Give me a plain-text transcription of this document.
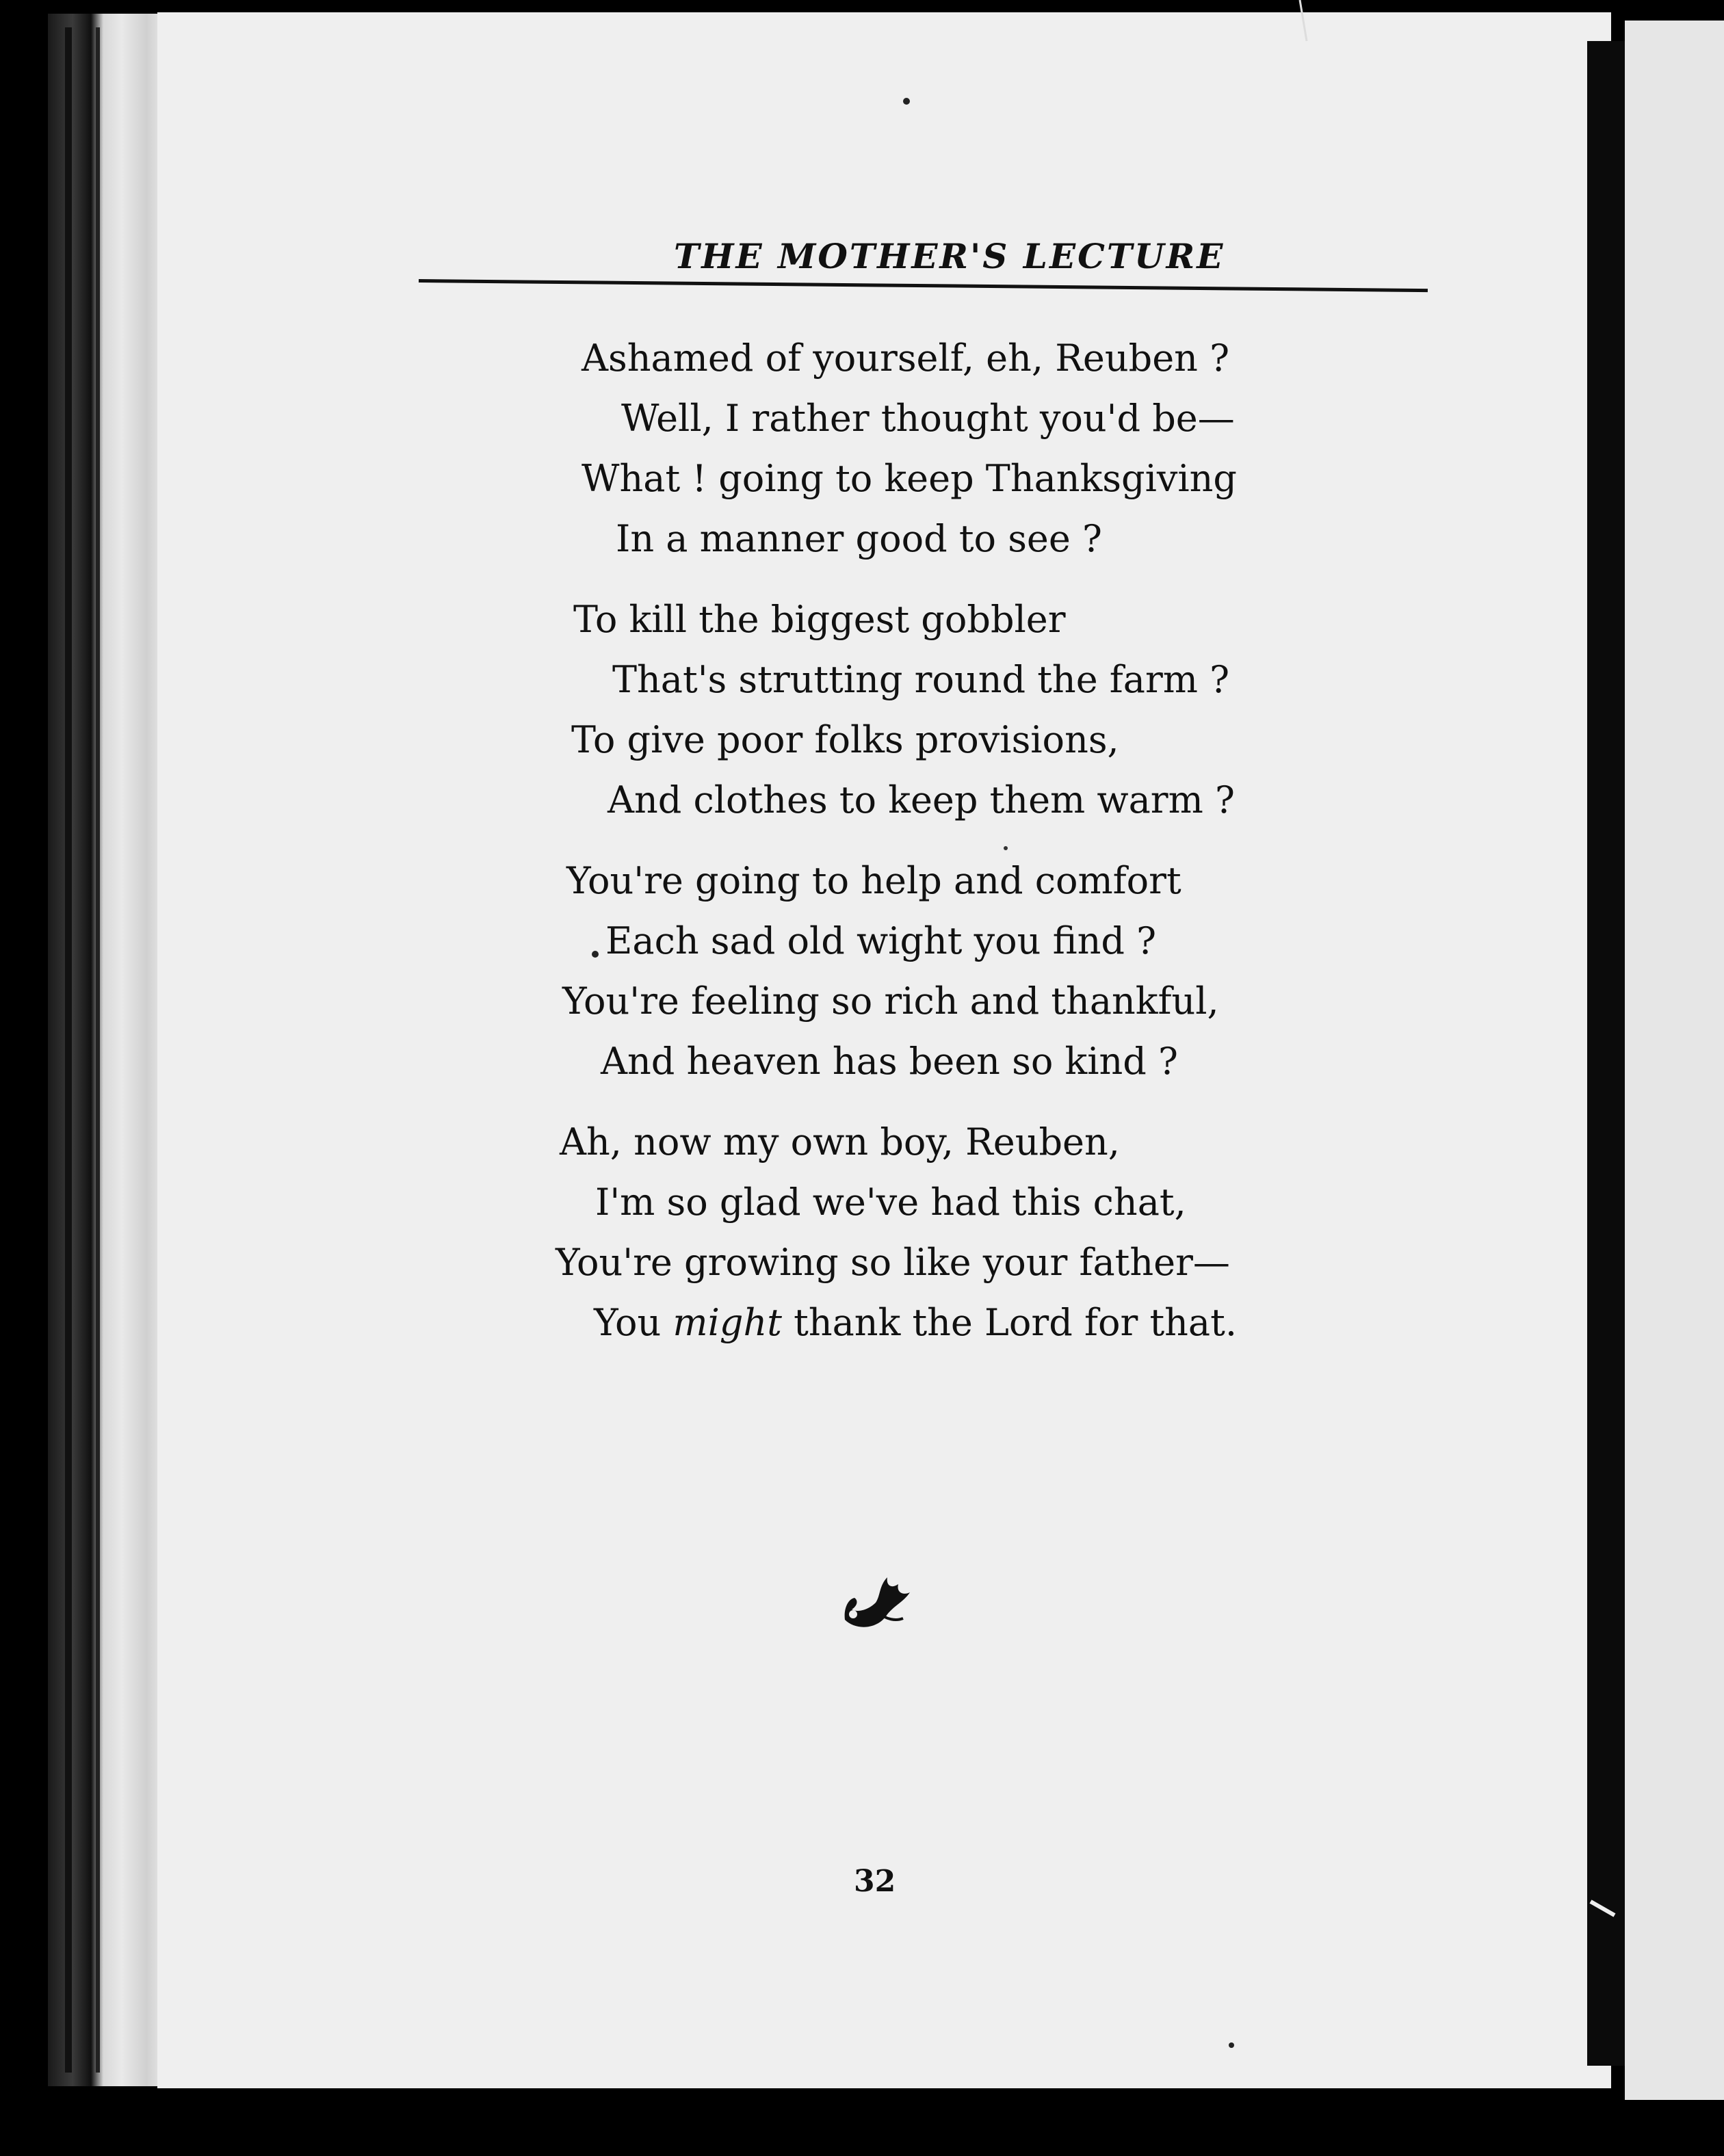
THE MOTHER'S LECTURE
Ashamed of yourself, eh, Reuben ?
Well, I rather thought you'd be—
What ! going to keep Thanksgiving
In a manner good to see ?
To kill the biggest gobbler
That's strutting round the farm ?
To give poor folks provisions,
And clothes to keep them warm ?
You're going to help and comfort
Each sad old wight you find ?
You're feeling so rich and thankful,
And heaven has been so kind ?
Ah, now my own boy, Reuben,
I'm so glad we've had this chat,
You're growing so like your father—
You might thank the Lord for that.
32
